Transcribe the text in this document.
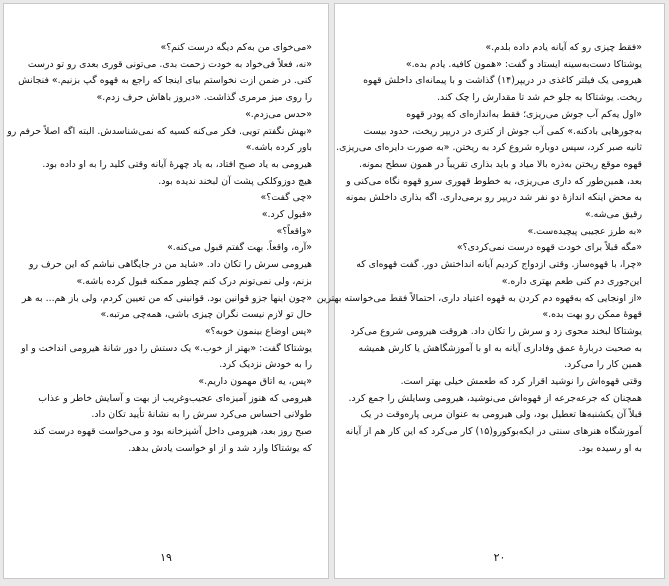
«می‌خوای من به‌کم دیگه درست کنم؟»
«نه، فعلاً فی‌خواد به خودت زحمت بدی. می‌تونی قوری بعدی رو تو درست
کنی. در ضمن ازت نخواستم بیای اینجا که راجع به قهوه گپ بزنیم.» فنجانش
را روی میز مرمری گذاشت. «دیروز باهاش حرف زدم.»
«حدس می‌زدم.»
«بهش نگفتم تویی. فکر می‌کنه کسیه که نمی‌شناسدش. البته اگه اصلاً حرفم رو
باور کرده باشه.»
هیرومی به یاد صبح افتاد، به یاد چهرهٔ آیانه وقتی کلید را به او داده بود.
هیچ دوزوکلکی پشت آن لبخند ندیده بود.
«چی گفت؟»
«قبول کرد.»
«واقعاً؟»
«آره، واقعاً. بهت گفتم قبول می‌کنه.»
هیرومی سرش را تکان داد. «شاید من در جایگاهی نباشم که این حرف رو
بزنم، ولی نمی‌تونم درک کنم چطور ممکنه قبول کرده باشه.»
«چون اینها جزو قوانین بود. قوانینی که من تعیین کردم، ولی باز هم... به هر
حال تو لازم نیست نگران چیزی باشی، همه‌چی مرتبه.»
«پس اوضاع بینمون خوبه؟»
یوشتاکا گفت: «بهتر از خوب.» یک دستش را دور شانهٔ هیرومی انداخت و او
را به خودش نزدیک کرد.
«پس، یه اتاق مهمون داریم.»
هیرومی که هنوز آمیزه‌ای عجیب‌وغریب از بهت و آسایش خاطر و عذاب
طولانی احساس می‌کرد سرش را به نشانهٔ تأیید تکان داد.
صبح روز بعد، هیرومی داخل آشپزخانه بود و می‌خواست قهوه درست کند
که یوشتاکا وارد شد و از او خواست یادش بدهد.
۱۹
«فقط چیزی رو که آیانه یادم داده بلدم.»
یوشتاکا دست‌به‌سینه ایستاد و گفت: «همون کافیه. یادم بده.»
هیرومی یک فیلتر کاغذی در دریپر(۱۴) گذاشت و با پیمانه‌ای داخلش قهوه
ریخت. یوشتاکا به جلو خم شد تا مقدارش را چک کند.
«اول یه‌کم آب جوش می‌ریزی؛ فقط به‌اندازه‌ای که پودر قهوه
به‌جورهایی بادکنه.» کمی آب جوش از کتری در دریپر ریخت، حدود بیست
ثانیه صبر کرد، سپس دوباره شروع کرد به ریختن. «به صورت دایره‌ای می‌ریزی.
قهوه موقع ریختن به‌ذره بالا میاد و باید بذاری تقریباً در همون سطح بمونه.
بعد، همین‌طور که داری می‌ریزی، به خطوط قهوری سرو قهوه نگاه می‌کنی و
به محض اینکه اندازهٔ دو نفر شد دریپر رو برمی‌داری. اگه بذاری داخلش بمونه
رقیق می‌شه.»
«به طرز عجیبی پیچیده‌ست.»
«مگه قبلاً برای خودت قهوه درست نمی‌کردی؟»
«چرا، با قهوه‌ساز. وقتی ازدواج کردیم آیانه انداختش دور. گفت قهوه‌ای که
این‌جوری دم کنی طعم بهتری داره.»
«از اونجایی که به‌قهوه دم کردن به قهوه اعتیاد داری، احتمالاً فقط می‌خواسته بهترین
قهوهٔ ممکن رو بهت بده.»
یوشتاکا لبخند محوی زد و سرش را تکان داد. هروقت هیرومی شروع می‌کرد
به صحبت دربارهٔ عمق وفاداری آیانه به او با آموزشگاهش یا کارش همیشه
همین کار را می‌کرد.
وقتی قهوه‌اش را نوشید اقرار کرد که طعمش خیلی بهتر است.
همچنان که جرعه‌جرعه از قهوه‌اش می‌نوشید، هیرومی وسایلش را جمع کرد.
قبلاً آن یکشنبه‌ها تعطیل بود، ولی هیرومی به عنوان مربی پاره‌وقت در یک
آموزشگاه هنرهای سنتی در ایکه‌بوکورو(۱۵) کار می‌کرد که این کار هم از آیانه
به او رسیده بود.
۲۰
